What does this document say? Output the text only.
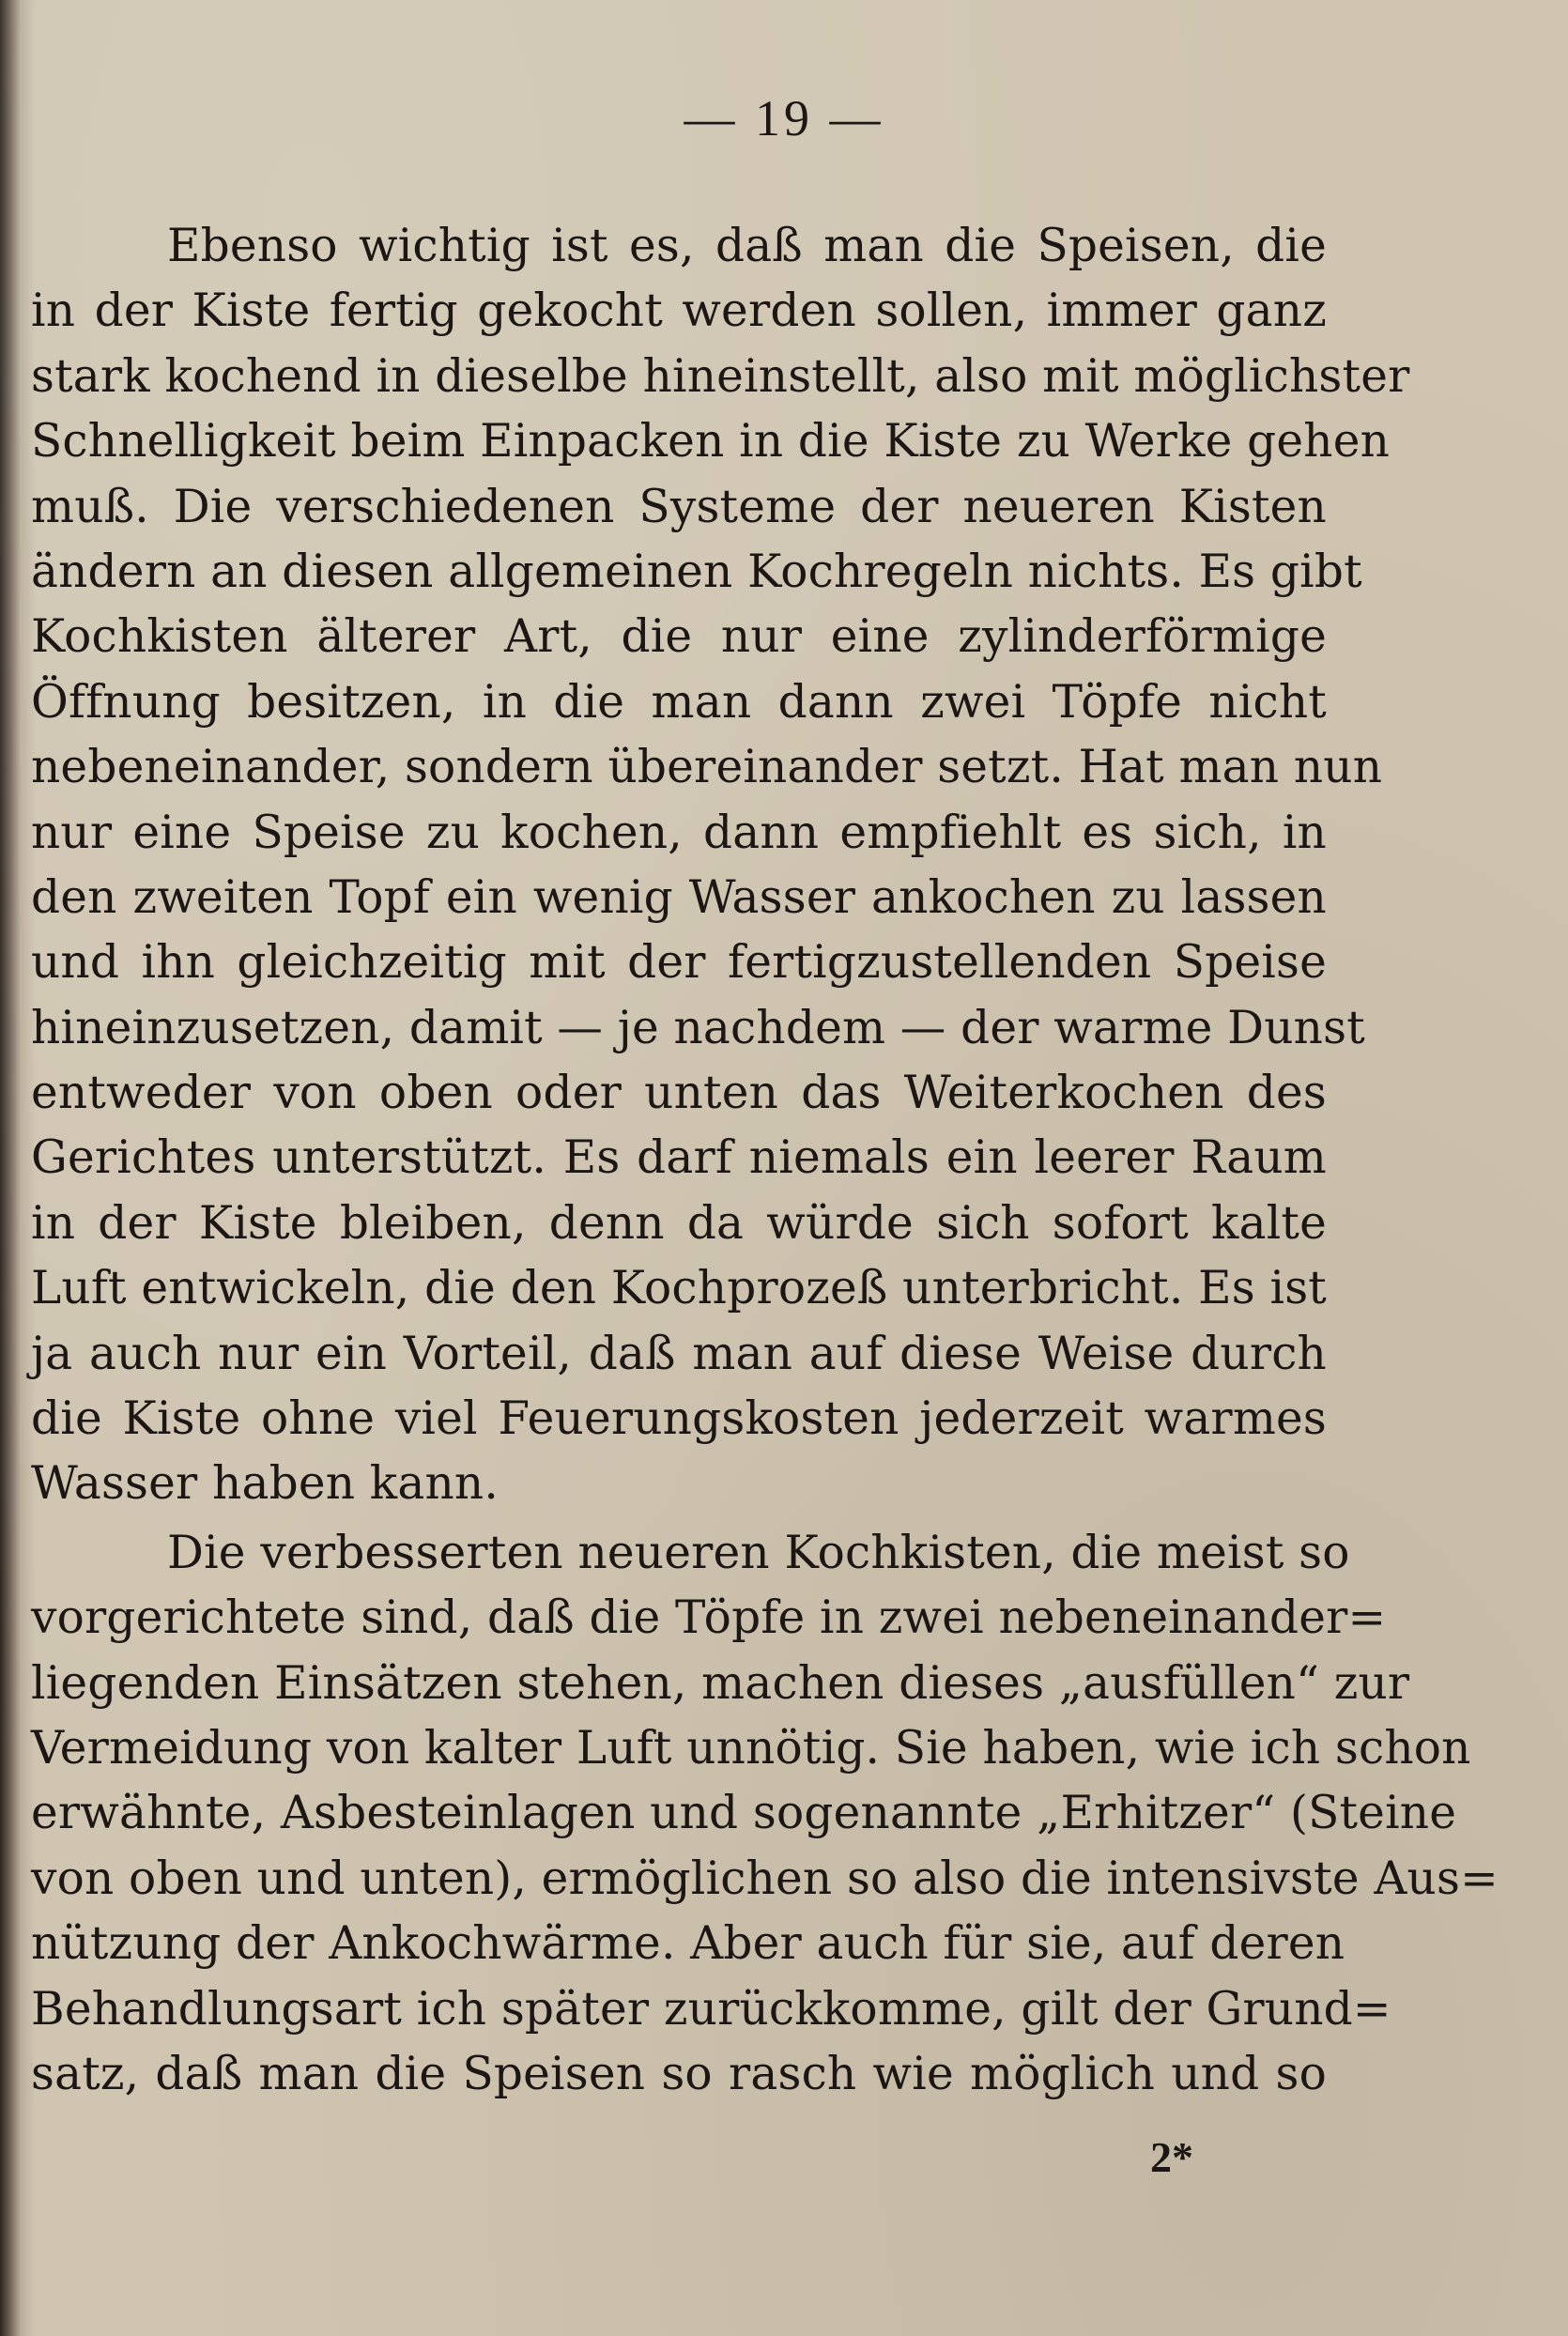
— 19 —
Ebenso wichtig ist es, daß man die Speisen, die
in der Kiste fertig gekocht werden sollen, immer ganz
stark kochend in dieselbe hineinstellt, also mit möglichster
Schnelligkeit beim Einpacken in die Kiste zu Werke gehen
muß. Die verschiedenen Systeme der neueren Kisten
ändern an diesen allgemeinen Kochregeln nichts. Es gibt
Kochkisten älterer Art, die nur eine zylinderförmige
Öffnung besitzen, in die man dann zwei Töpfe nicht
nebeneinander, sondern übereinander setzt. Hat man nun
nur eine Speise zu kochen, dann empfiehlt es sich, in
den zweiten Topf ein wenig Wasser ankochen zu lassen
und ihn gleichzeitig mit der fertigzustellenden Speise
hineinzusetzen, damit — je nachdem — der warme Dunst
entweder von oben oder unten das Weiterkochen des
Gerichtes unterstützt. Es darf niemals ein leerer Raum
in der Kiste bleiben, denn da würde sich sofort kalte
Luft entwickeln, die den Kochprozeß unterbricht. Es ist
ja auch nur ein Vorteil, daß man auf diese Weise durch
die Kiste ohne viel Feuerungskosten jederzeit warmes
Wasser haben kann.
Die verbesserten neueren Kochkisten, die meist so
vorgerichtete sind, daß die Töpfe in zwei nebeneinander=
liegenden Einsätzen stehen, machen dieses „ausfüllen“ zur
Vermeidung von kalter Luft unnötig. Sie haben, wie ich schon
erwähnte, Asbesteinlagen und sogenannte „Erhitzer“ (Steine
von oben und unten), ermöglichen so also die intensivste Aus=
nützung der Ankochwärme. Aber auch für sie, auf deren
Behandlungsart ich später zurückkomme, gilt der Grund=
satz, daß man die Speisen so rasch wie möglich und so
2*
